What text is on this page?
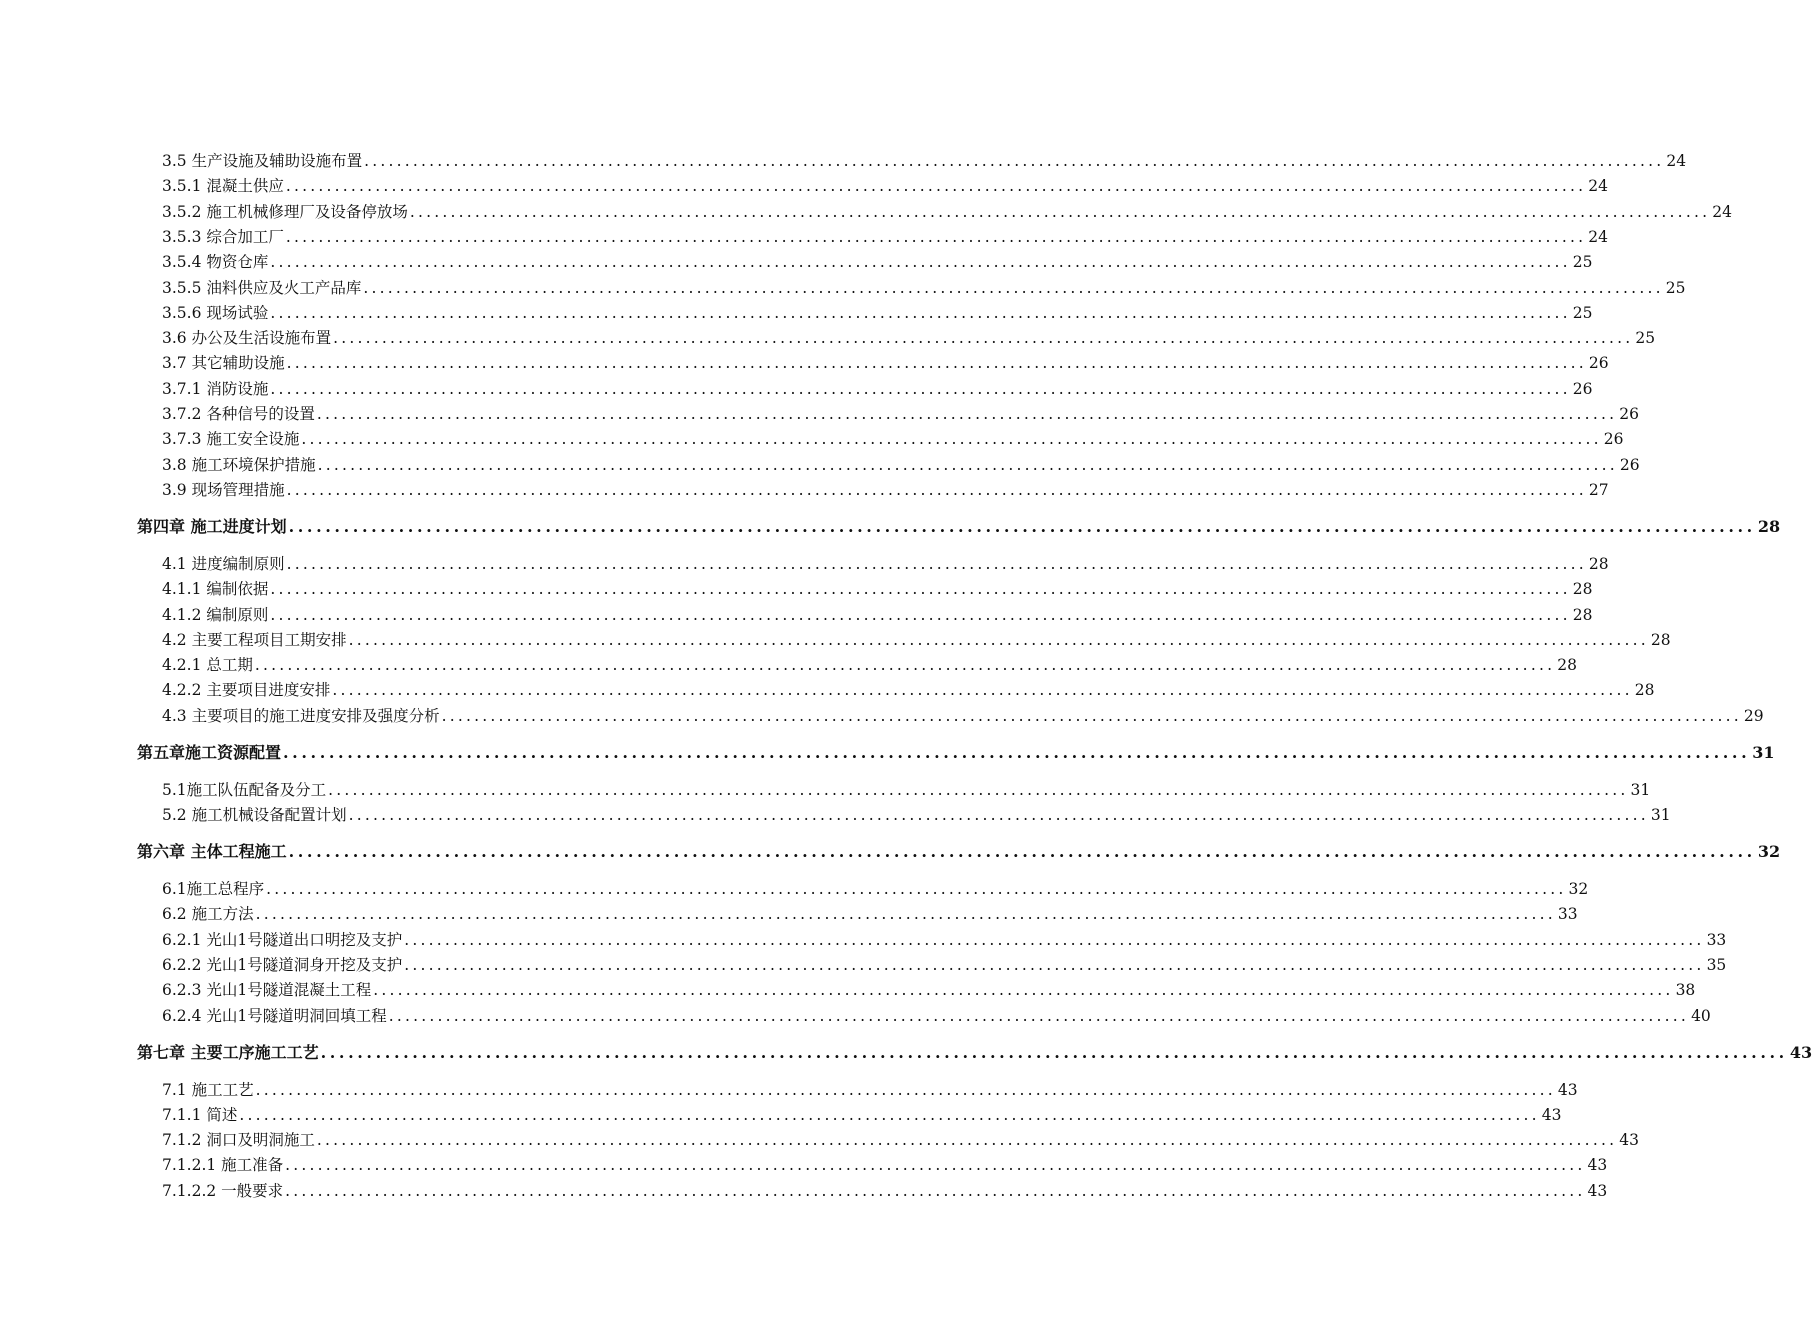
3.5 生产设施及辅助设施布置 ................................................................................................................................................................ 24
3.5.1 混凝土供应 ................................................................................................................................................................ 24
3.5.2 施工机械修理厂及设备停放场 ................................................................................................................................................................ 24
3.5.3 综合加工厂 ................................................................................................................................................................ 24
3.5.4 物资仓库 ................................................................................................................................................................ 25
3.5.5 油料供应及火工产品库 ................................................................................................................................................................ 25
3.5.6 现场试验 ................................................................................................................................................................ 25
3.6 办公及生活设施布置 ................................................................................................................................................................ 25
3.7 其它辅助设施 ................................................................................................................................................................ 26
3.7.1 消防设施 ................................................................................................................................................................ 26
3.7.2 各种信号的设置 ................................................................................................................................................................ 26
3.7.3 施工安全设施 ................................................................................................................................................................ 26
3.8 施工环境保护措施 ................................................................................................................................................................ 26
3.9 现场管理措施 ................................................................................................................................................................ 27
第四章 施工进度计划 ................................................................................................................................................................ 28
4.1 进度编制原则 ................................................................................................................................................................ 28
4.1.1 编制依据 ................................................................................................................................................................ 28
4.1.2 编制原则 ................................................................................................................................................................ 28
4.2 主要工程项目工期安排 ................................................................................................................................................................ 28
4.2.1 总工期 ................................................................................................................................................................ 28
4.2.2 主要项目进度安排 ................................................................................................................................................................ 28
4.3 主要项目的施工进度安排及强度分析 ................................................................................................................................................................ 29
第五章施工资源配置 ................................................................................................................................................................ 31
5.1施工队伍配备及分工 ................................................................................................................................................................ 31
5.2 施工机械设备配置计划 ................................................................................................................................................................ 31
第六章 主体工程施工 ................................................................................................................................................................ 32
6.1施工总程序 ................................................................................................................................................................ 32
6.2 施工方法 ................................................................................................................................................................ 33
6.2.1 光山1号隧道出口明挖及支护 ................................................................................................................................................................ 33
6.2.2 光山1号隧道洞身开挖及支护 ................................................................................................................................................................ 35
6.2.3 光山1号隧道混凝土工程 ................................................................................................................................................................ 38
6.2.4 光山1号隧道明洞回填工程 ................................................................................................................................................................ 40
第七章 主要工序施工工艺 ................................................................................................................................................................ 43
7.1 施工工艺 ................................................................................................................................................................ 43
7.1.1 简述 ................................................................................................................................................................ 43
7.1.2 洞口及明洞施工 ................................................................................................................................................................ 43
7.1.2.1 施工准备 ................................................................................................................................................................ 43
7.1.2.2 一般要求 ................................................................................................................................................................ 43
